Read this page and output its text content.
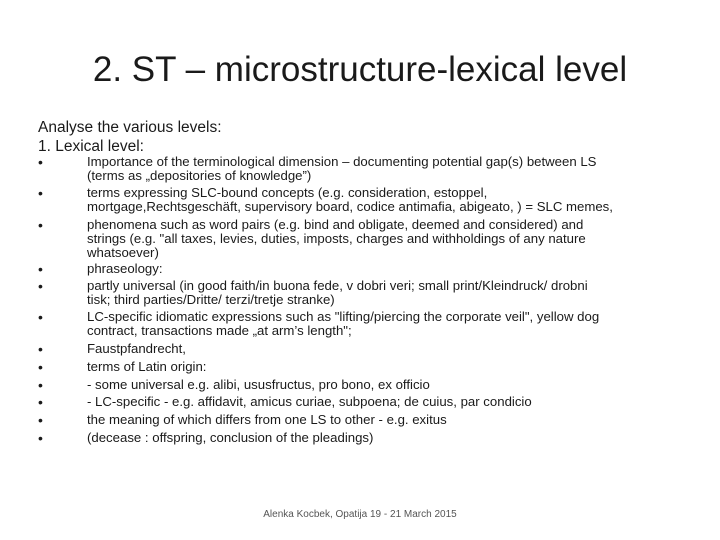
2. ST – microstructure-lexical level
Analyse the various levels:
1. Lexical level:
•	Importance of the terminological dimension – documenting potential gap(s) between LS
(terms as „depositories of knowledge”)
•	terms expressing SLC-bound concepts (e.g. consideration, estoppel,
mortgage,Rechtsgeschäft, supervisory board, codice antimafia, abigeato, ) = SLC memes,
•	phenomena such as word pairs (e.g. bind and obligate, deemed and considered) and
strings (e.g. "all taxes, levies, duties, imposts, charges and withholdings of any nature
whatsoever)
•	phraseology:
•	partly universal (in good faith/in buona fede, v dobri veri; small print/Kleindruck/ drobni
tisk; third parties/Dritte/ terzi/tretje stranke)
•	LC-specific idiomatic expressions such as "lifting/piercing the corporate veil", yellow dog
contract, transactions made „at arm’s length";
•	Faustpfandrecht,
•	terms of Latin origin:
•	- some universal e.g. alibi, ususfructus, pro bono, ex officio
•	- LC-specific - e.g. affidavit, amicus curiae, subpoena; de cuius, par condicio
•	the meaning of which differs from one LS to other - e.g. exitus
•	(decease : offspring, conclusion of the pleadings)
Alenka Kocbek, Opatija 19 - 21 March 2015
